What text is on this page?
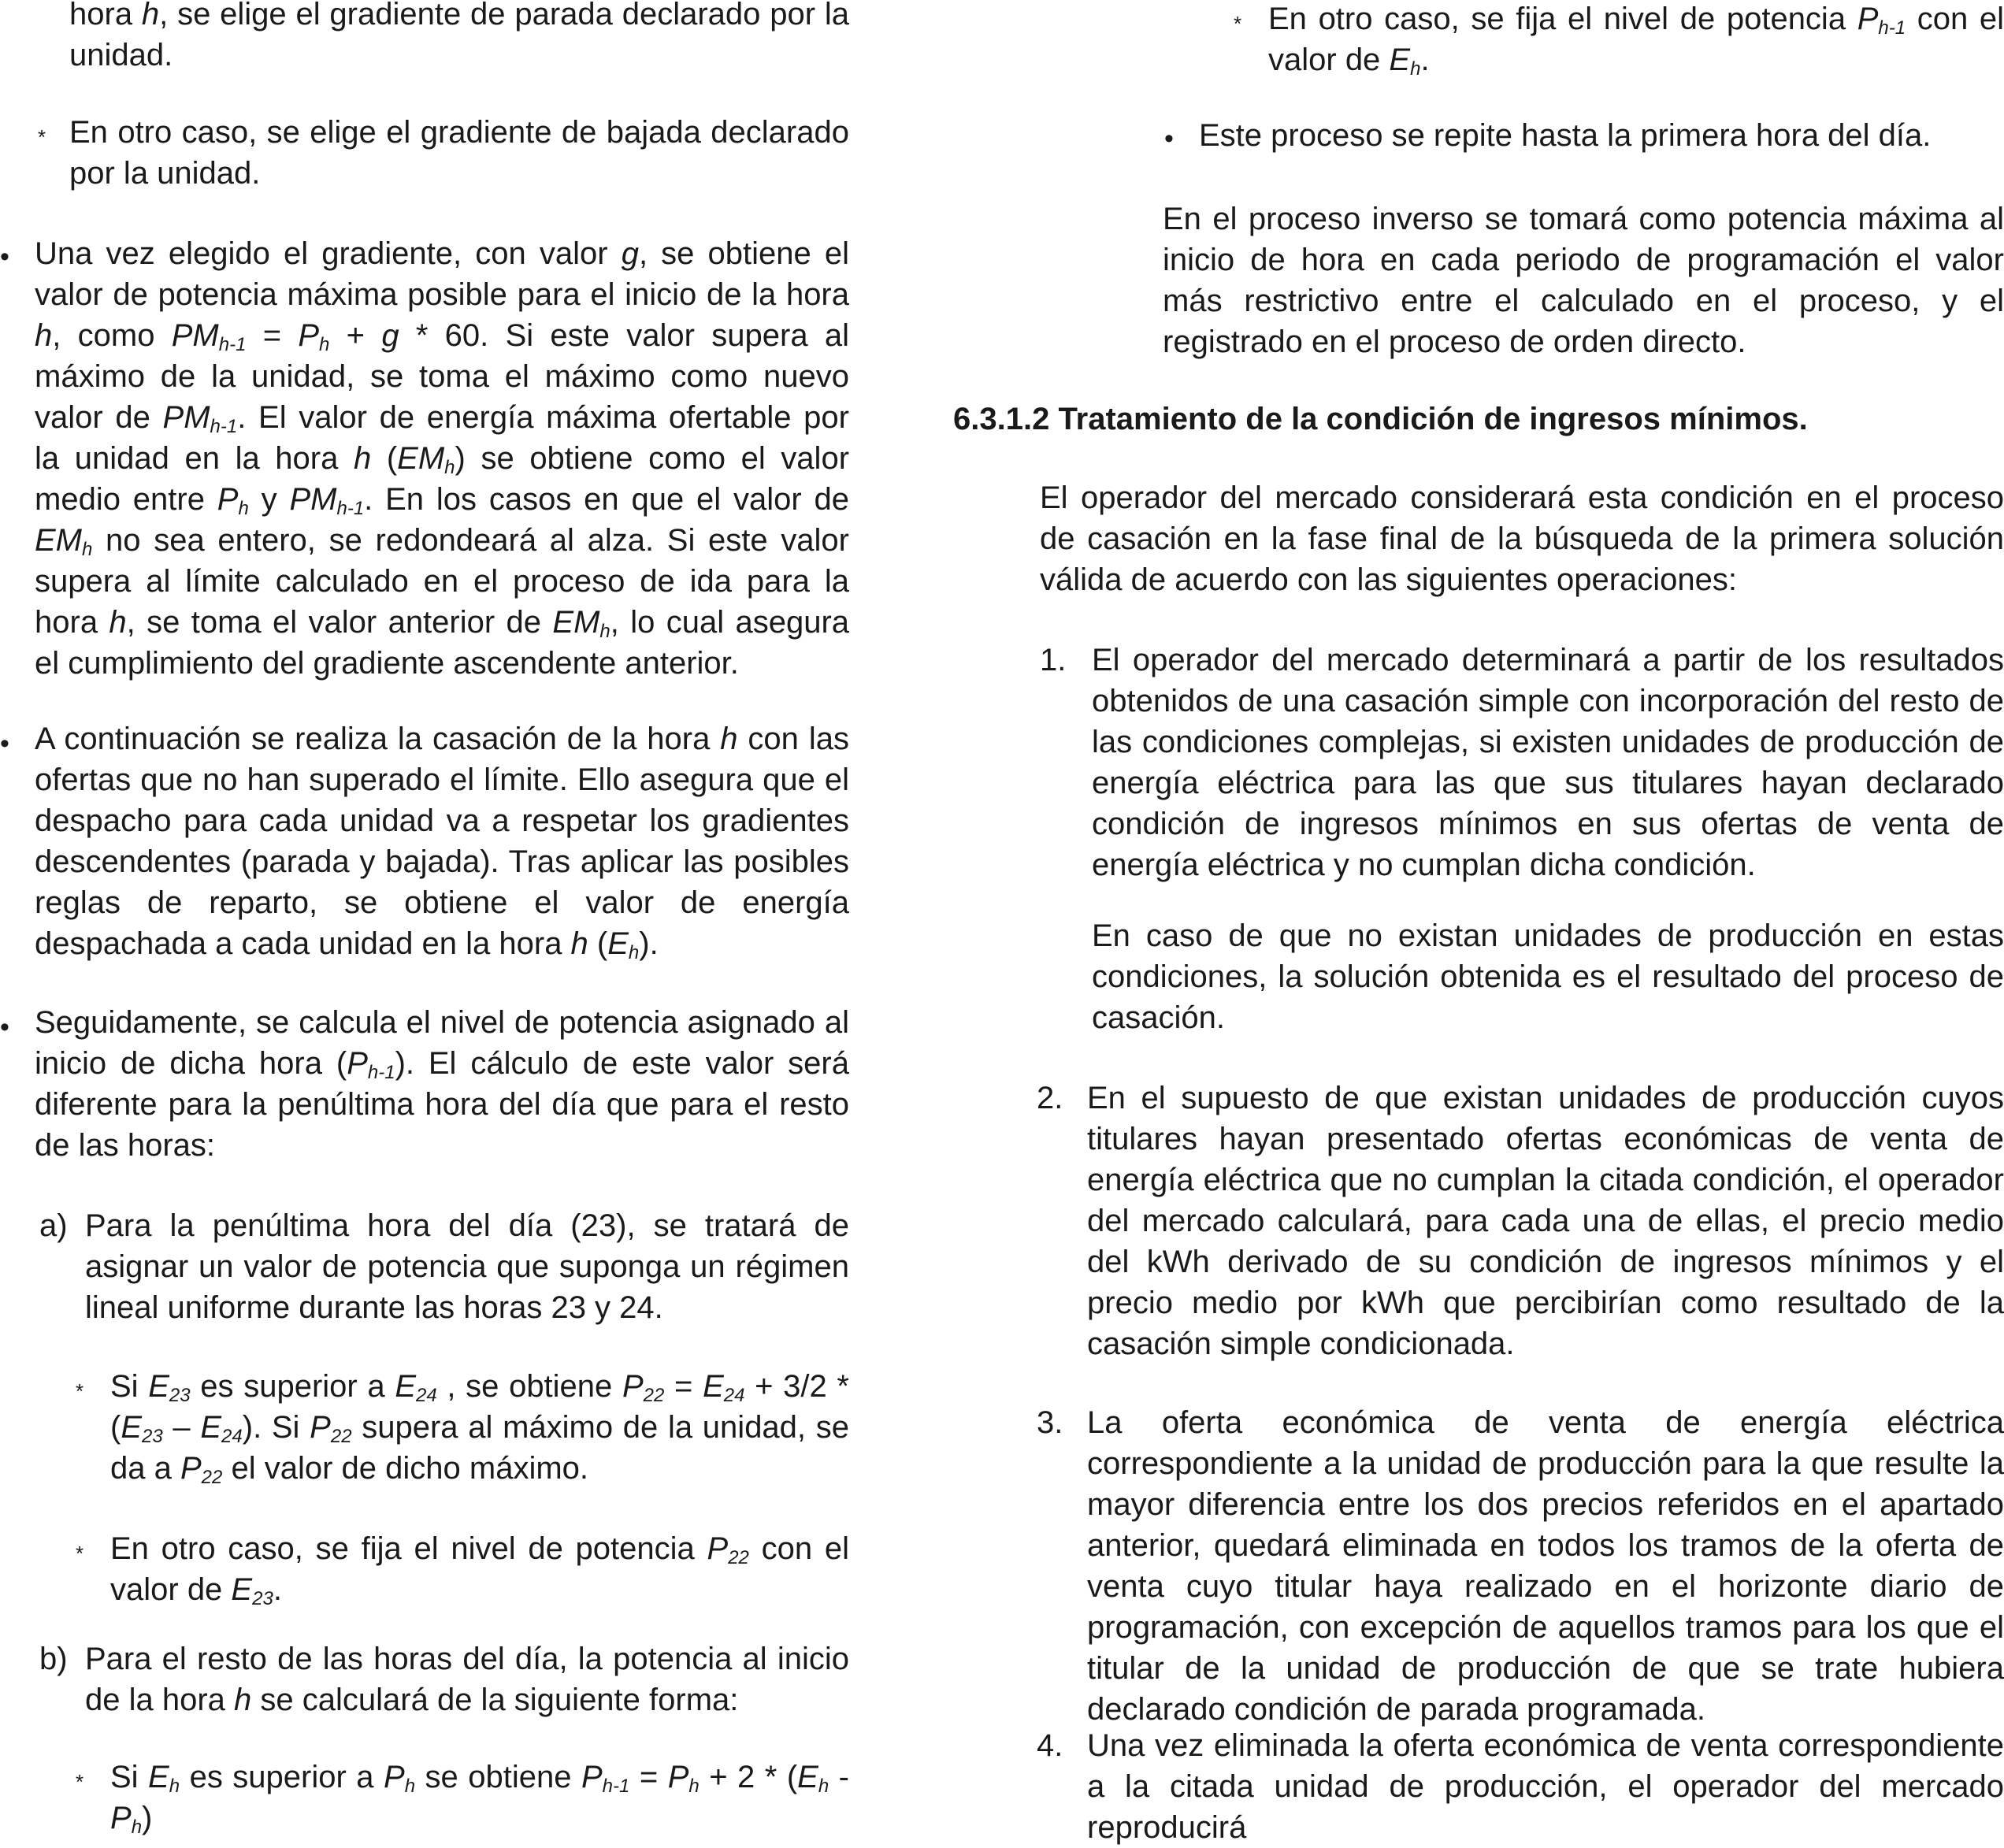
hora h, se elige el gradiente de parada declarado por la unidad.

* En otro caso, se elige el gradiente de bajada declarado por la unidad.

• Una vez elegido el gradiente, con valor g, se obtiene el valor de potencia máxima posible para el inicio de la hora h, como $PM_{h-1} = P_h + g * 60$. Si este valor supera al máximo de la unidad, se toma el máximo como nuevo valor de $PM_{h-1}$. El valor de energía máxima ofertable por la unidad en la hora h $(EM_h)$ se obtiene como el valor medio entre $P_h$ y $PM_{h-1}$. En los casos en que el valor de $EM_h$ no sea entero, se redondeará al alza. Si este valor supera al límite calculado en el proceso de ida para la hora h, se toma el valor anterior de $EM_h$, lo cual asegura el cumplimiento del gradiente ascendente anterior.

• A continuación se realiza la casación de la hora h con las ofertas que no han superado el límite. Ello asegura que el despacho para cada unidad va a respetar los gradientes descendentes (parada y bajada). Tras aplicar las posibles reglas de reparto, se obtiene el valor de energía despachada a cada unidad en la hora h $(E_h)$.

• Seguidamente, se calcula el nivel de potencia asignado al inicio de dicha hora $(P_{h-1})$. El cálculo de este valor será diferente para la penúltima hora del día que para el resto de las horas:

a) Para la penúltima hora del día (23), se tratará de asignar un valor de potencia que suponga un régimen lineal uniforme durante las horas 23 y 24.

* Si $E_{23}$ es superior a $E_{24}$ , se obtiene $P_{22} = E_{24} + 3/2 * (E_{23} - E_{24})$. Si $P_{22}$ supera al máximo de la unidad, se da a $P_{22}$ el valor de dicho máximo.

* En otro caso, se fija el nivel de potencia $P_{22}$ con el valor de $E_{23}$.

b) Para el resto de las horas del día, la potencia al inicio de la hora h se calculará de la siguiente forma:

* Si $E_h$ es superior a $P_h$ se obtiene $P_{h-1} = P_h + 2 * (E_h - P_h)$

* En otro caso, se fija el nivel de potencia $P_{h-1}$ con el valor de $E_h$.

• Este proceso se repite hasta la primera hora del día.

En el proceso inverso se tomará como potencia máxima al inicio de hora en cada periodo de programación el valor más restrictivo entre el calculado en el proceso, y el registrado en el proceso de orden directo.

6.3.1.2 Tratamiento de la condición de ingresos mínimos.

El operador del mercado considerará esta condición en el proceso de casación en la fase final de la búsqueda de la primera solución válida de acuerdo con las siguientes operaciones:

1. El operador del mercado determinará a partir de los resultados obtenidos de una casación simple con incorporación del resto de las condiciones complejas, si existen unidades de producción de energía eléctrica para las que sus titulares hayan declarado condición de ingresos mínimos en sus ofertas de venta de energía eléctrica y no cumplan dicha condición.

En caso de que no existan unidades de producción en estas condiciones, la solución obtenida es el resultado del proceso de casación.

2. En el supuesto de que existan unidades de producción cuyos titulares hayan presentado ofertas económicas de venta de energía eléctrica que no cumplan la citada condición, el operador del mercado calculará, para cada una de ellas, el precio medio del kWh derivado de su condición de ingresos mínimos y el precio medio por kWh que percibirían como resultado de la casación simple condicionada.

3. La oferta económica de venta de energía eléctrica correspondiente a la unidad de producción para la que resulte la mayor diferencia entre los dos precios referidos en el apartado anterior, quedará eliminada en todos los tramos de la oferta de venta cuyo titular haya realizado en el horizonte diario de programación, con excepción de aquellos tramos para los que el titular de la unidad de producción de que se trate hubiera declarado condición de parada programada.

4. Una vez eliminada la oferta económica de venta correspondiente a la citada unidad de producción, el operador del mercado reproducirá
